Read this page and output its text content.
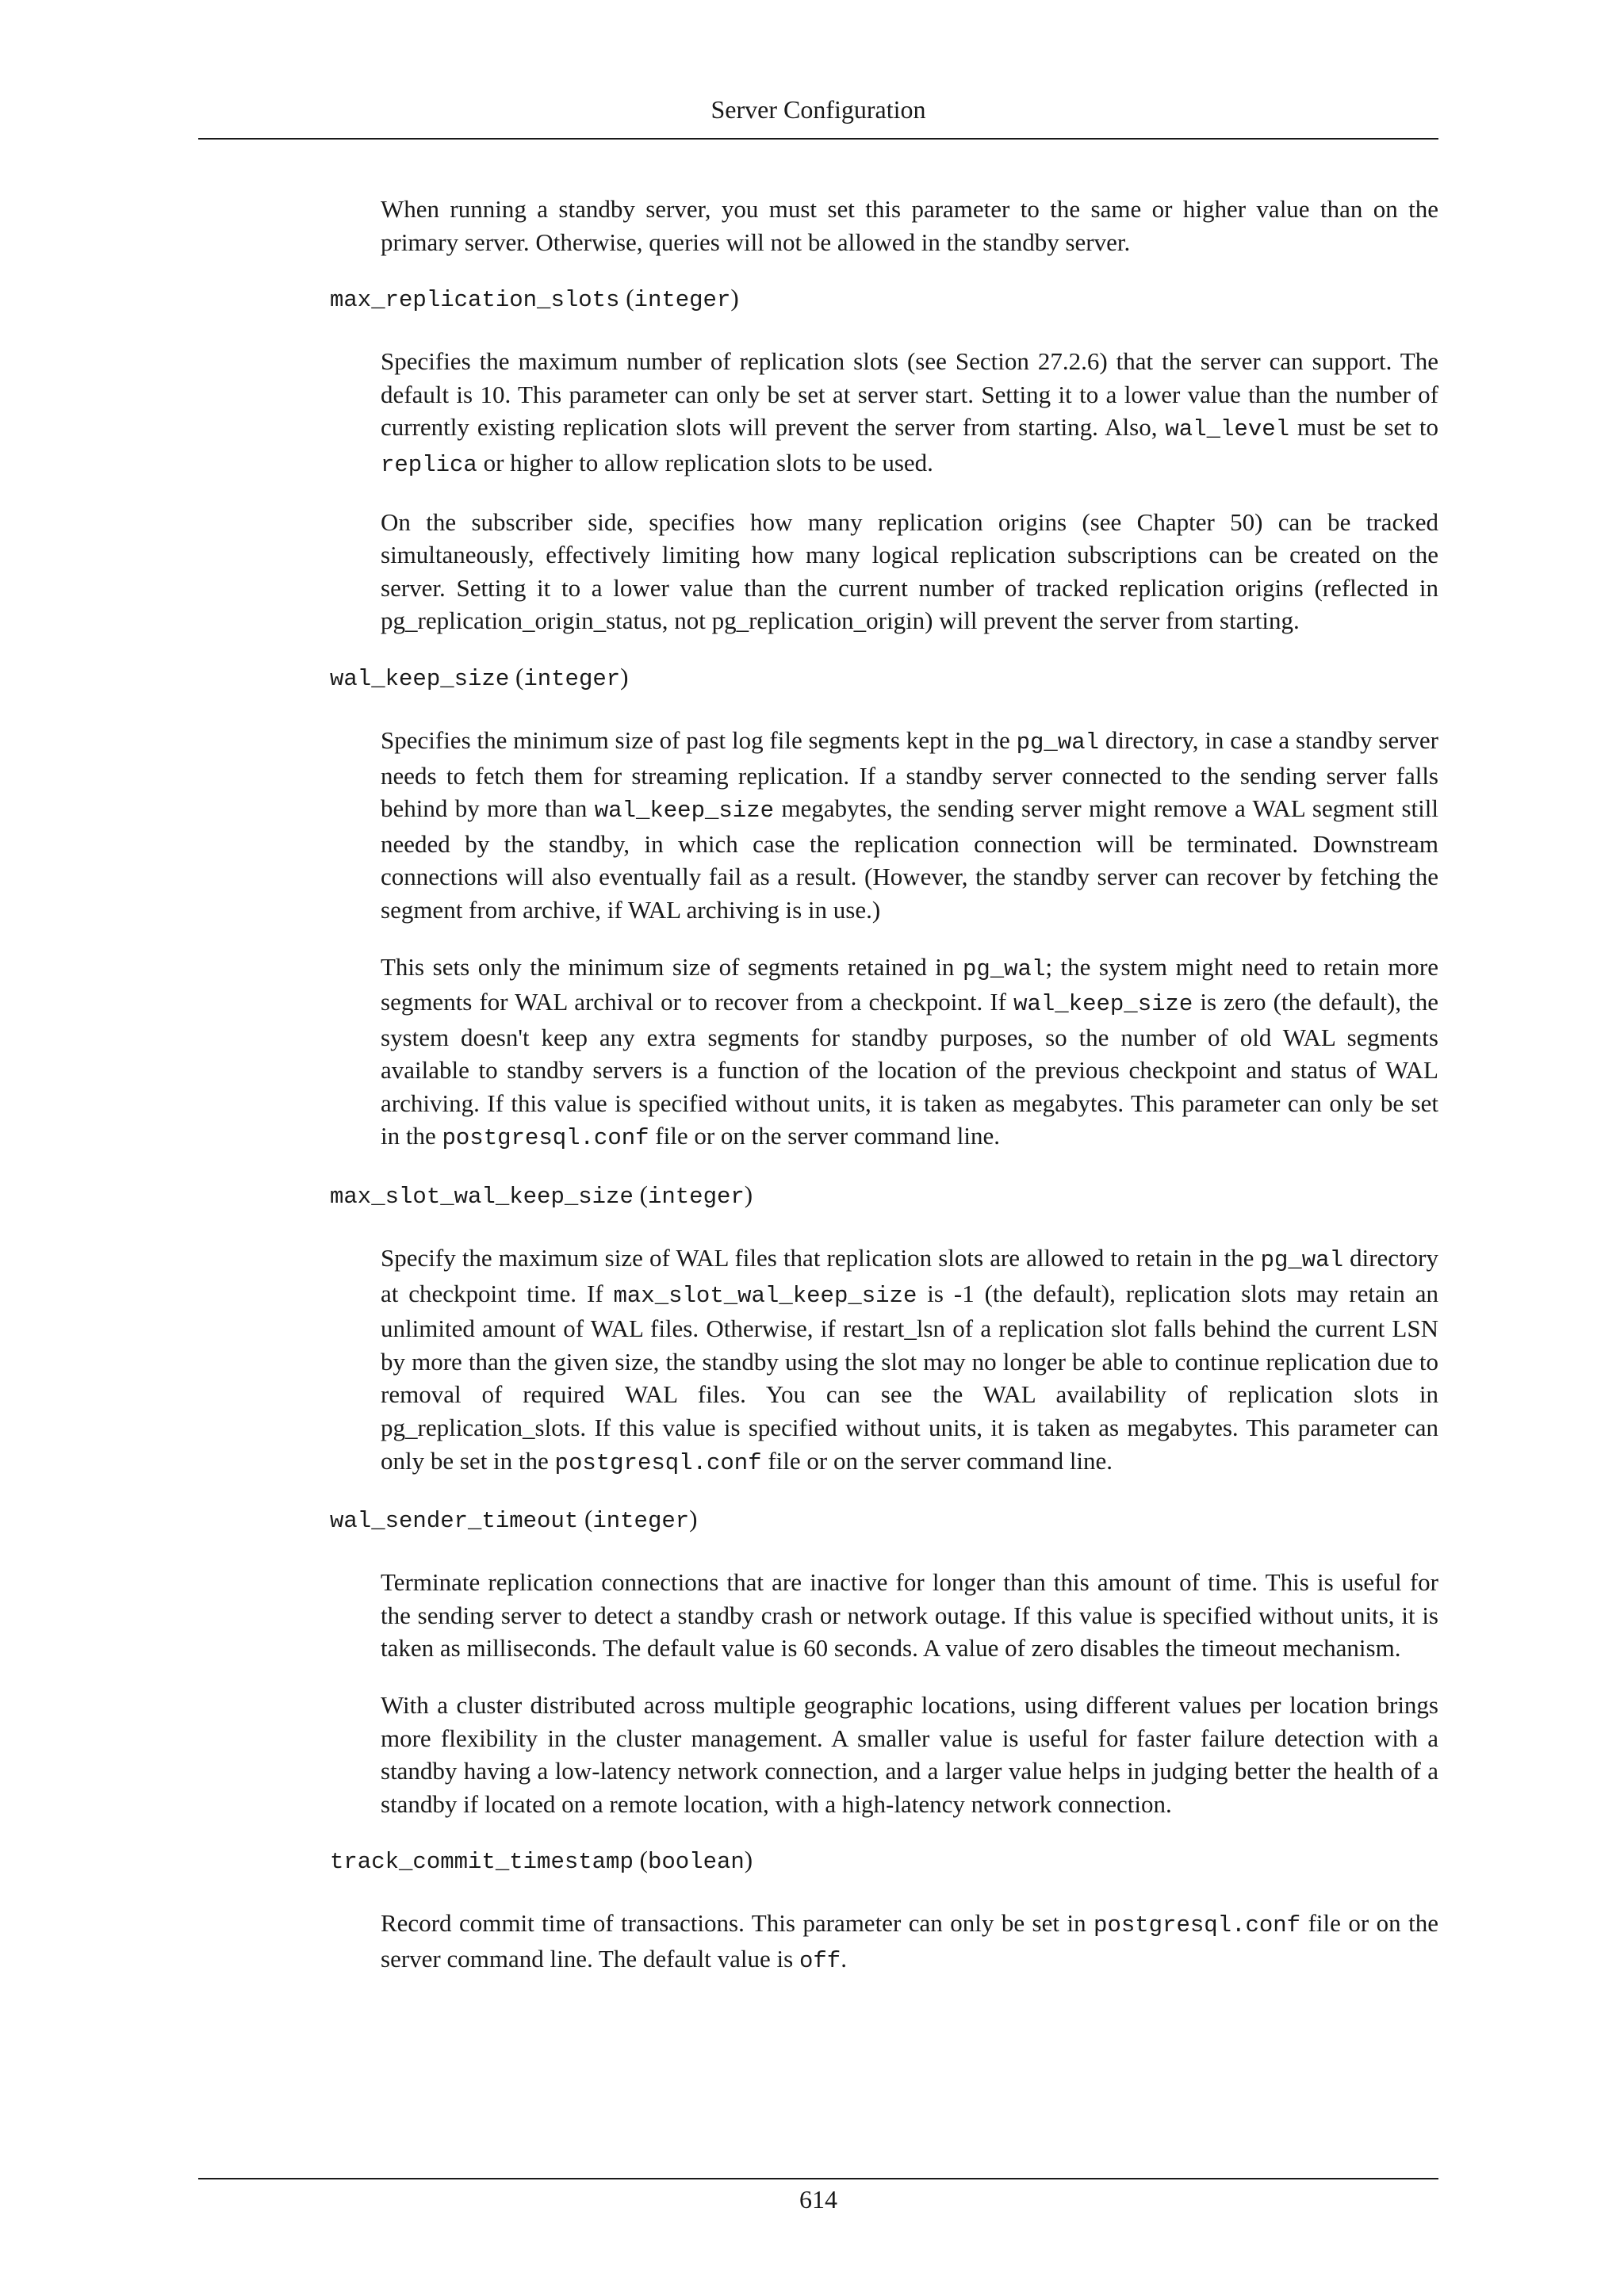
Server Configuration

When running a standby server, you must set this parameter to the same or higher value than on the primary server. Otherwise, queries will not be allowed in the standby server.

max_replication_slots (integer)

Specifies the maximum number of replication slots (see Section 27.2.6) that the server can support. The default is 10. This parameter can only be set at server start. Setting it to a lower value than the number of currently existing replication slots will prevent the server from starting. Also, wal_level must be set to replica or higher to allow replication slots to be used.

On the subscriber side, specifies how many replication origins (see Chapter 50) can be tracked simultaneously, effectively limiting how many logical replication subscriptions can be created on the server. Setting it to a lower value than the current number of tracked replication origins (reflected in pg_replication_origin_status, not pg_replication_origin) will prevent the server from starting.

wal_keep_size (integer)

Specifies the minimum size of past log file segments kept in the pg_wal directory, in case a standby server needs to fetch them for streaming replication. If a standby server connected to the sending server falls behind by more than wal_keep_size megabytes, the sending server might remove a WAL segment still needed by the standby, in which case the replication connection will be terminated. Downstream connections will also eventually fail as a result. (However, the standby server can recover by fetching the segment from archive, if WAL archiving is in use.)

This sets only the minimum size of segments retained in pg_wal; the system might need to retain more segments for WAL archival or to recover from a checkpoint. If wal_keep_size is zero (the default), the system doesn't keep any extra segments for standby purposes, so the number of old WAL segments available to standby servers is a function of the location of the previous checkpoint and status of WAL archiving. If this value is specified without units, it is taken as megabytes. This parameter can only be set in the postgresql.conf file or on the server command line.

max_slot_wal_keep_size (integer)

Specify the maximum size of WAL files that replication slots are allowed to retain in the pg_wal directory at checkpoint time. If max_slot_wal_keep_size is -1 (the default), replication slots may retain an unlimited amount of WAL files. Otherwise, if restart_lsn of a replication slot falls behind the current LSN by more than the given size, the standby using the slot may no longer be able to continue replication due to removal of required WAL files. You can see the WAL availability of replication slots in pg_replication_slots. If this value is specified without units, it is taken as megabytes. This parameter can only be set in the postgresql.conf file or on the server command line.

wal_sender_timeout (integer)

Terminate replication connections that are inactive for longer than this amount of time. This is useful for the sending server to detect a standby crash or network outage. If this value is specified without units, it is taken as milliseconds. The default value is 60 seconds. A value of zero disables the timeout mechanism.

With a cluster distributed across multiple geographic locations, using different values per location brings more flexibility in the cluster management. A smaller value is useful for faster failure detection with a standby having a low-latency network connection, and a larger value helps in judging better the health of a standby if located on a remote location, with a high-latency network connection.

track_commit_timestamp (boolean)

Record commit time of transactions. This parameter can only be set in postgresql.conf file or on the server command line. The default value is off.

614
